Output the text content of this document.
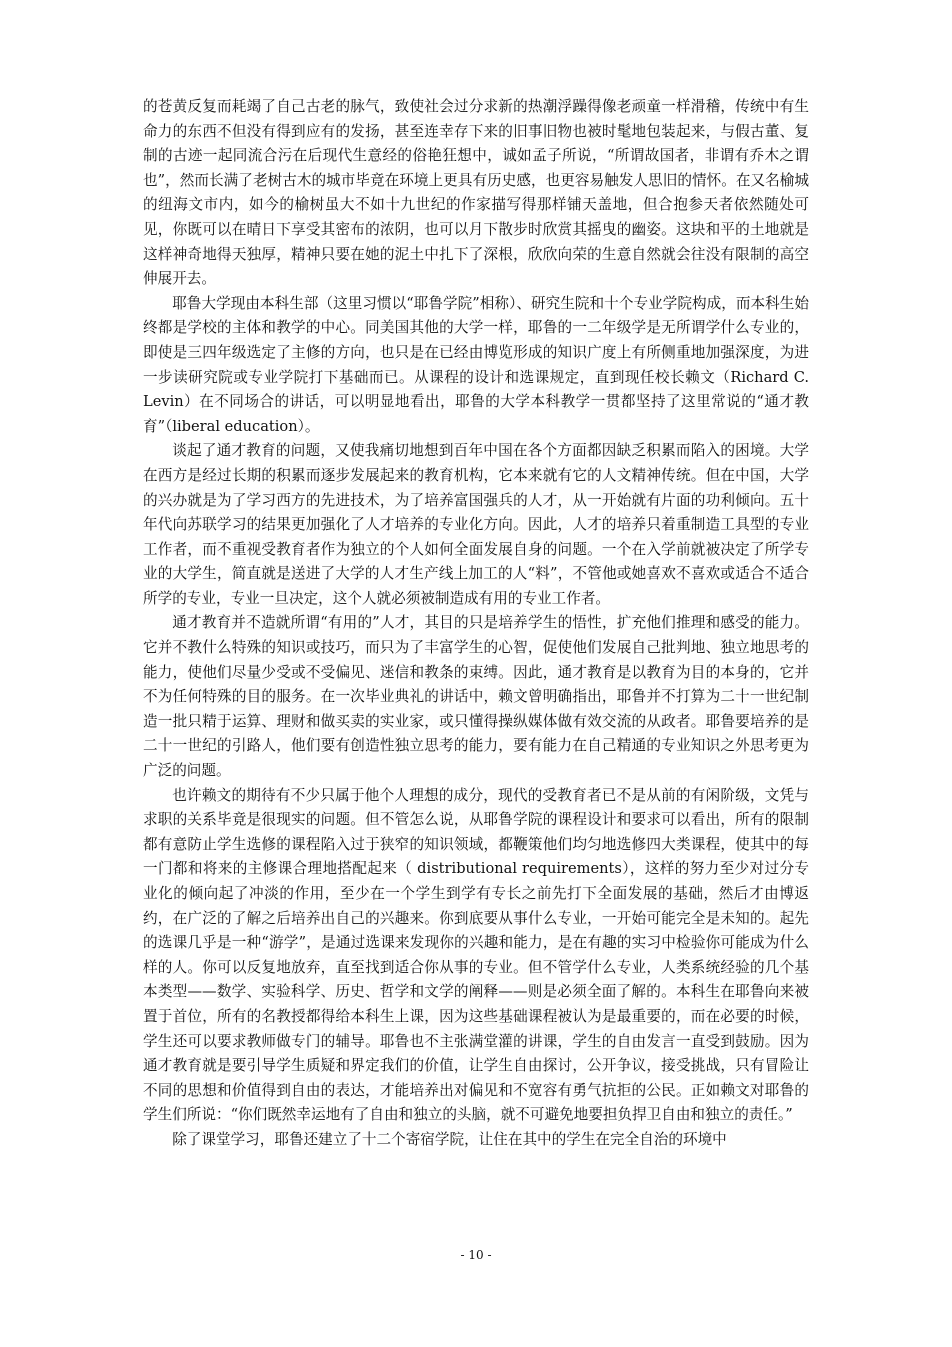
的苍黄反复而耗竭了自己古老的脉气，致使社会过分求新的热潮浮躁得像老顽童一样滑稽，传统中有生命力的东西不但没有得到应有的发扬，甚至连幸存下来的旧事旧物也被时髦地包装起来，与假古董、复制的古迹一起同流合污在后现代生意经的俗艳狂想中，诚如孟子所说，“所谓故国者，非谓有乔木之谓也”，然而长满了老树古木的城市毕竟在环境上更具有历史感，也更容易触发人思旧的情怀。在又名榆城的纽海文市内，如今的榆树虽大不如十九世纪的作家描写得那样铺天盖地，但合抱参天者依然随处可见，你既可以在晴日下享受其密布的浓阴，也可以月下散步时欣赏其摇曳的幽姿。这块和平的土地就是这样神奇地得天独厚，精神只要在她的泥土中扎下了深根，欣欣向荣的生意自然就会往没有限制的高空伸展开去。

耶鲁大学现由本科生部（这里习惯以“耶鲁学院”相称）、研究生院和十个专业学院构成，而本科生始终都是学校的主体和教学的中心。同美国其他的大学一样，耶鲁的一二年级学是无所谓学什么专业的，即使是三四年级选定了主修的方向，也只是在已经由博览形成的知识广度上有所侧重地加强深度，为进一步读研究院或专业学院打下基础而已。从课程的设计和选课规定，直到现任校长赖文（Richard C. Levin）在不同场合的讲话，可以明显地看出，耶鲁的大学本科教学一贯都坚持了这里常说的“通才教育”（liberal education）。

谈起了通才教育的问题，又使我痛切地想到百年中国在各个方面都因缺乏积累而陷入的困境。大学在西方是经过长期的积累而逐步发展起来的教育机构，它本来就有它的人文精神传统。但在中国，大学的兴办就是为了学习西方的先进技术，为了培养富国强兵的人才，从一开始就有片面的功利倾向。五十年代向苏联学习的结果更加强化了人才培养的专业化方向。因此，人才的培养只着重制造工具型的专业工作者，而不重视受教育者作为独立的个人如何全面发展自身的问题。一个在入学前就被决定了所学专业的大学生，简直就是送进了大学的人才生产线上加工的人“料”，不管他或她喜欢不喜欢或适合不适合所学的专业，专业一旦决定，这个人就必须被制造成有用的专业工作者。

通才教育并不造就所谓“有用的”人才，其目的只是培养学生的悟性，扩充他们推理和感受的能力。它并不教什么特殊的知识或技巧，而只为了丰富学生的心智，促使他们发展自己批判地、独立地思考的能力，使他们尽量少受或不受偏见、迷信和教条的束缚。因此，通才教育是以教育为目的本身的，它并不为任何特殊的目的服务。在一次毕业典礼的讲话中，赖文曾明确指出，耶鲁并不打算为二十一世纪制造一批只精于运算、理财和做买卖的实业家，或只懂得操纵媒体做有效交流的从政者。耶鲁要培养的是二十一世纪的引路人，他们要有创造性独立思考的能力，要有能力在自己精通的专业知识之外思考更为广泛的问题。

也许赖文的期待有不少只属于他个人理想的成分，现代的受教育者已不是从前的有闲阶级，文凭与求职的关系毕竟是很现实的问题。但不管怎么说，从耶鲁学院的课程设计和要求可以看出，所有的限制都有意防止学生选修的课程陷入过于狭窄的知识领域，都鞭策他们均匀地选修四大类课程，使其中的每一门都和将来的主修课合理地搭配起来（ distributional requirements），这样的努力至少对过分专业化的倾向起了冲淡的作用，至少在一个学生到学有专长之前先打下全面发展的基础，然后才由博返约，在广泛的了解之后培养出自己的兴趣来。你到底要从事什么专业，一开始可能完全是未知的。起先的选课几乎是一种“游学”，是通过选课来发现你的兴趣和能力，是在有趣的实习中检验你可能成为什么样的人。你可以反复地放弃，直至找到适合你从事的专业。但不管学什么专业，人类系统经验的几个基本类型——数学、实验科学、历史、哲学和文学的阐释——则是必须全面了解的。本科生在耶鲁向来被置于首位，所有的名教授都得给本科生上课，因为这些基础课程被认为是最重要的，而在必要的时候，学生还可以要求教师做专门的辅导。耶鲁也不主张满堂灌的讲课，学生的自由发言一直受到鼓励。因为通才教育就是要引导学生质疑和界定我们的价值，让学生自由探讨，公开争议，接受挑战，只有冒险让不同的思想和价值得到自由的表达，才能培养出对偏见和不宽容有勇气抗拒的公民。正如赖文对耶鲁的学生们所说：“你们既然幸运地有了自由和独立的头脑，就不可避免地要担负捍卫自由和独立的责任。”

除了课堂学习，耶鲁还建立了十二个寄宿学院，让住在其中的学生在完全自治的环境中

- 10 -
